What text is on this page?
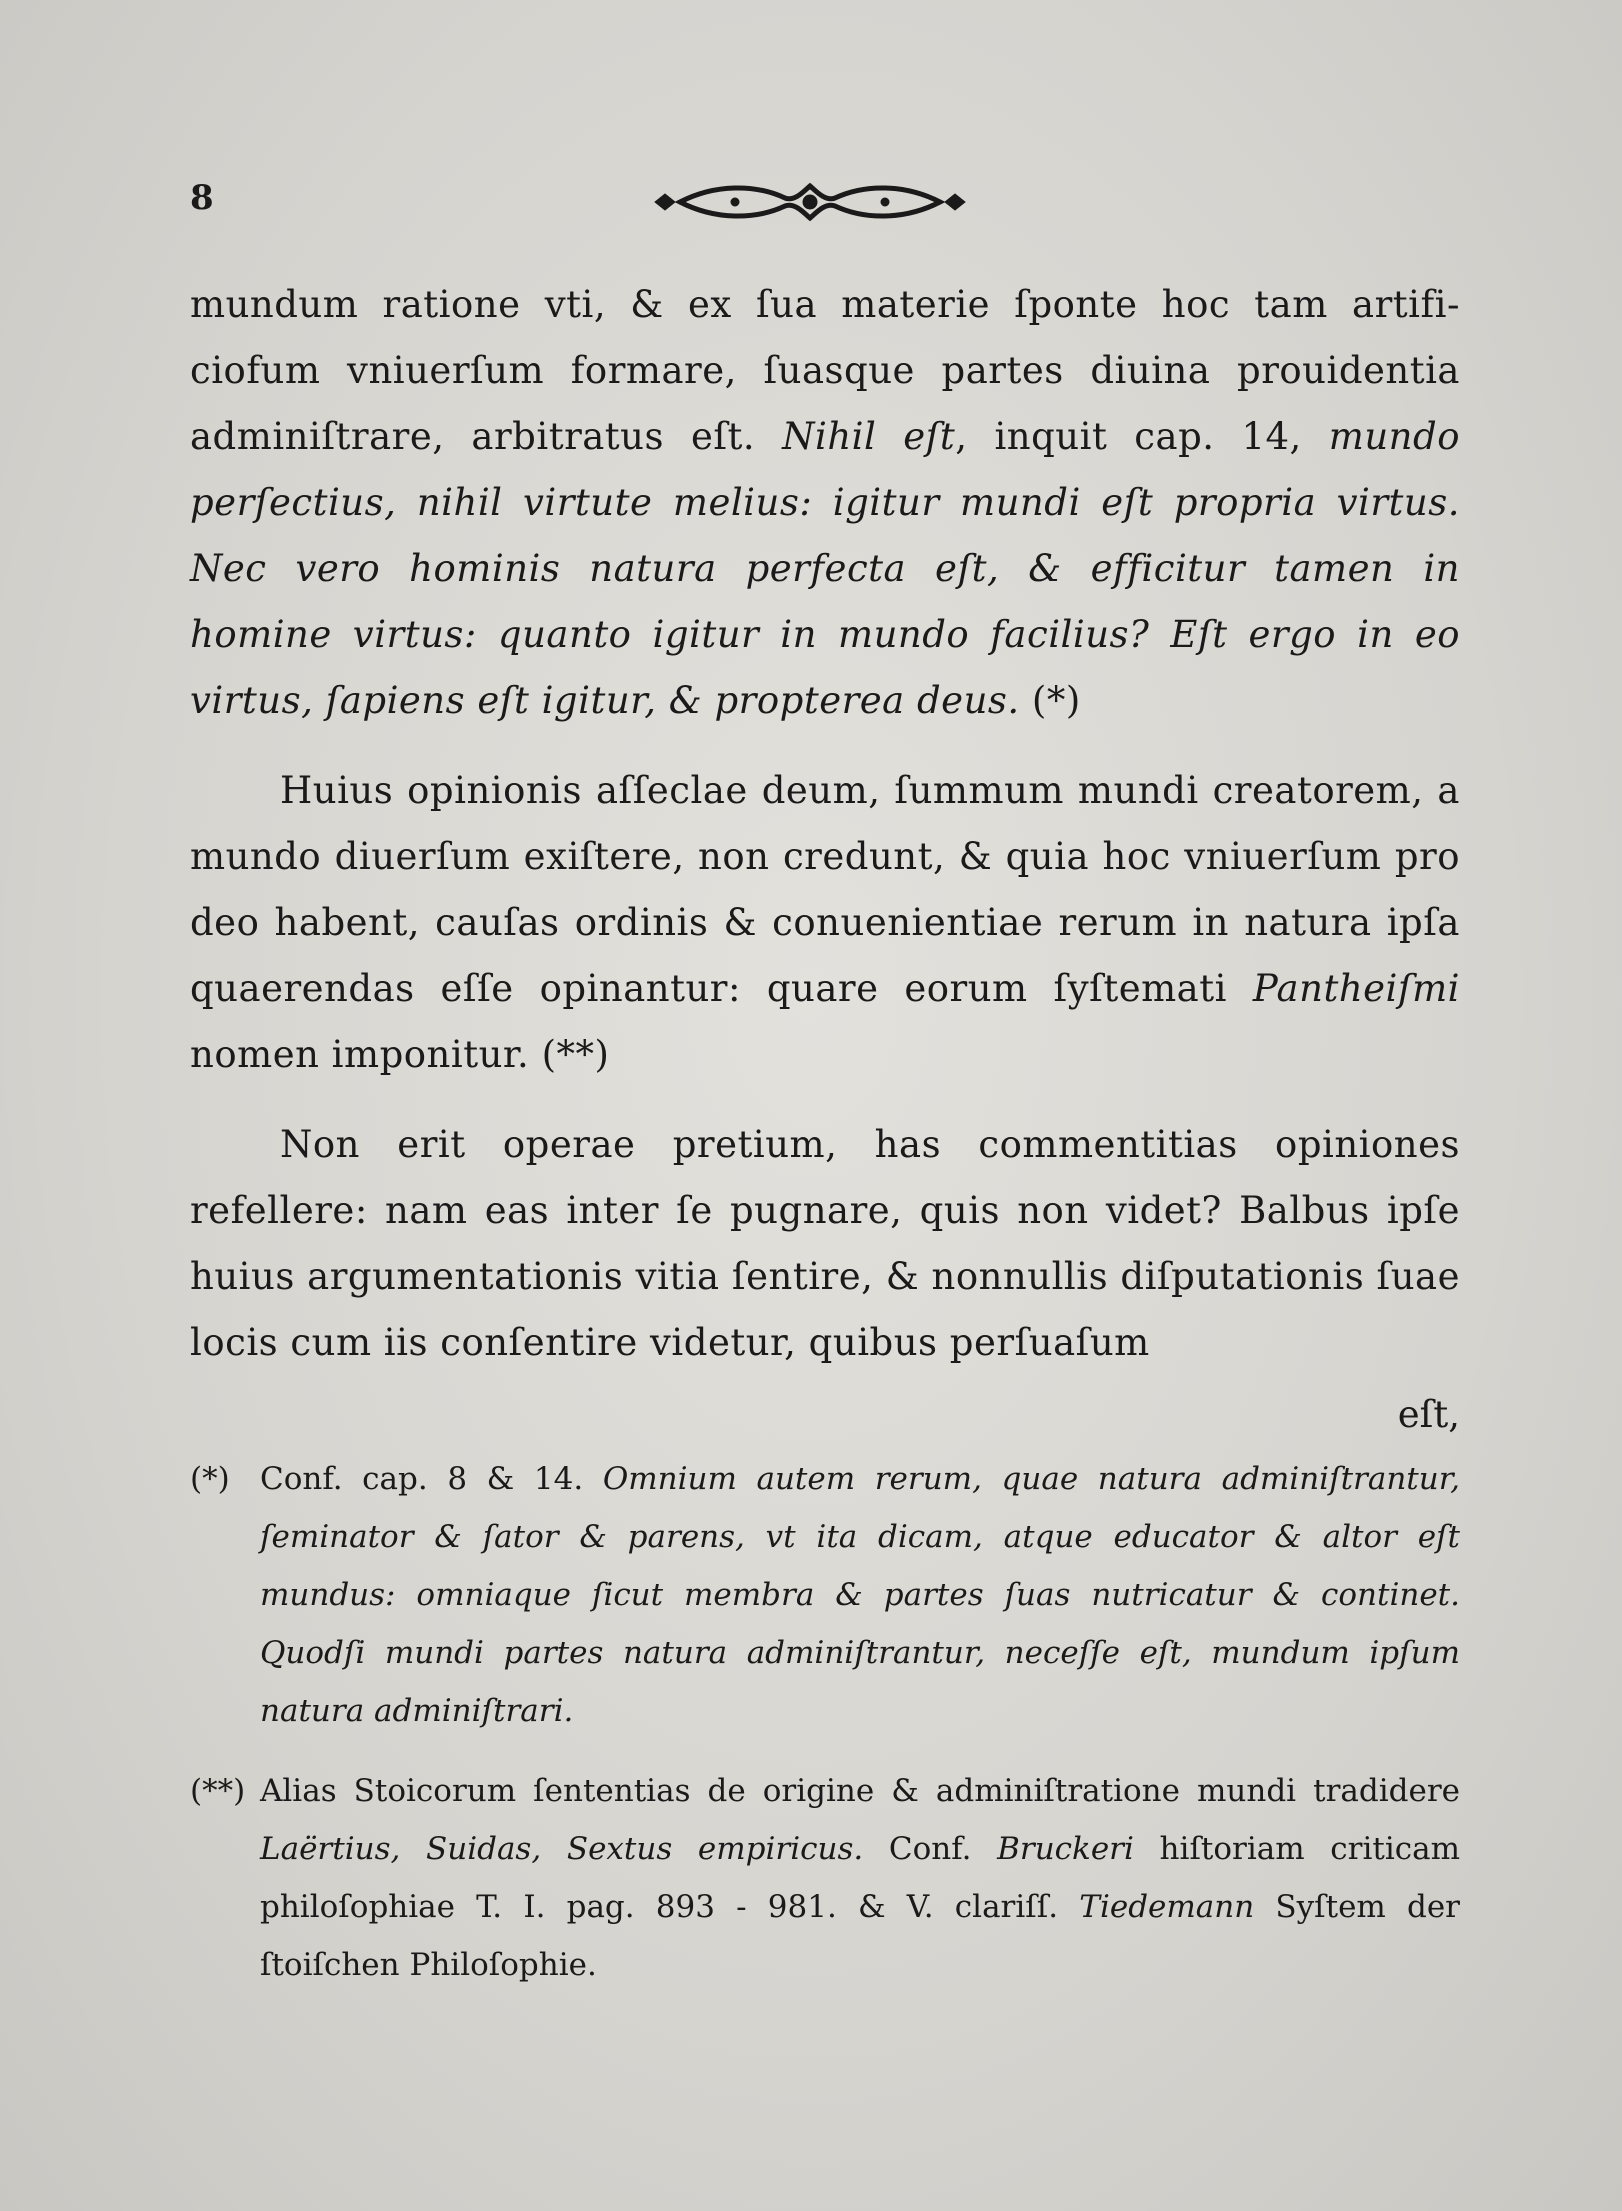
8

mundum ratione vti, & ex ſua materie ſponte hoc tam artifi-ciofum vniuerſum formare, ſuasque partes diuina prouidentia adminiſtrare, arbitratus eſt. Nihil eſt, inquit cap. 14, mundo perſectius, nihil virtute melius: igitur mundi eſt propria virtus. Nec vero hominis natura perfecta eſt, & efficitur tamen in homine virtus: quanto igitur in mundo facilius? Eſt ergo in eo virtus, ſapiens eſt igitur, & propterea deus. (*)

Huius opinionis aſſeclae deum, ſummum mundi creatorem, a mundo diuerſum exiſtere, non credunt, & quia hoc vniuerſum pro deo habent, cauſas ordinis & conuenientiae rerum in natura ipſa quaerendas eſſe opinantur: quare eorum ſyſtemati Pantheiſmi nomen imponitur. (**)

Non erit operae pretium, has commentitias opiniones refellere: nam eas inter ſe pugnare, quis non videt? Balbus ipſe huius argumentationis vitia ſentire, & nonnullis diſputationis ſuae locis cum iis conſentire videtur, quibus perſuaſum

eſt,
(*) Conf. cap. 8 & 14. Omnium autem rerum, quae natura adminiſtrantur, ſeminator & ſator & parens, vt ita dicam, atque educator & altor eſt mundus: omniaque ſicut membra & partes ſuas nutricatur & continet. Quodſi mundi partes natura adminiſtrantur, neceſſe eſt, mundum ipſum natura adminiſtrari.
(**) Alias Stoicorum ſententias de origine & adminiſtratione mundi tradidere Laërtius, Suidas, Sextus empiricus. Conf. Bruckeri hiſtoriam criticam philoſophiae T. I. pag. 893 - 981. & V. clariſſ. Tiedemann Syſtem der ſtoiſchen Philoſophie.
